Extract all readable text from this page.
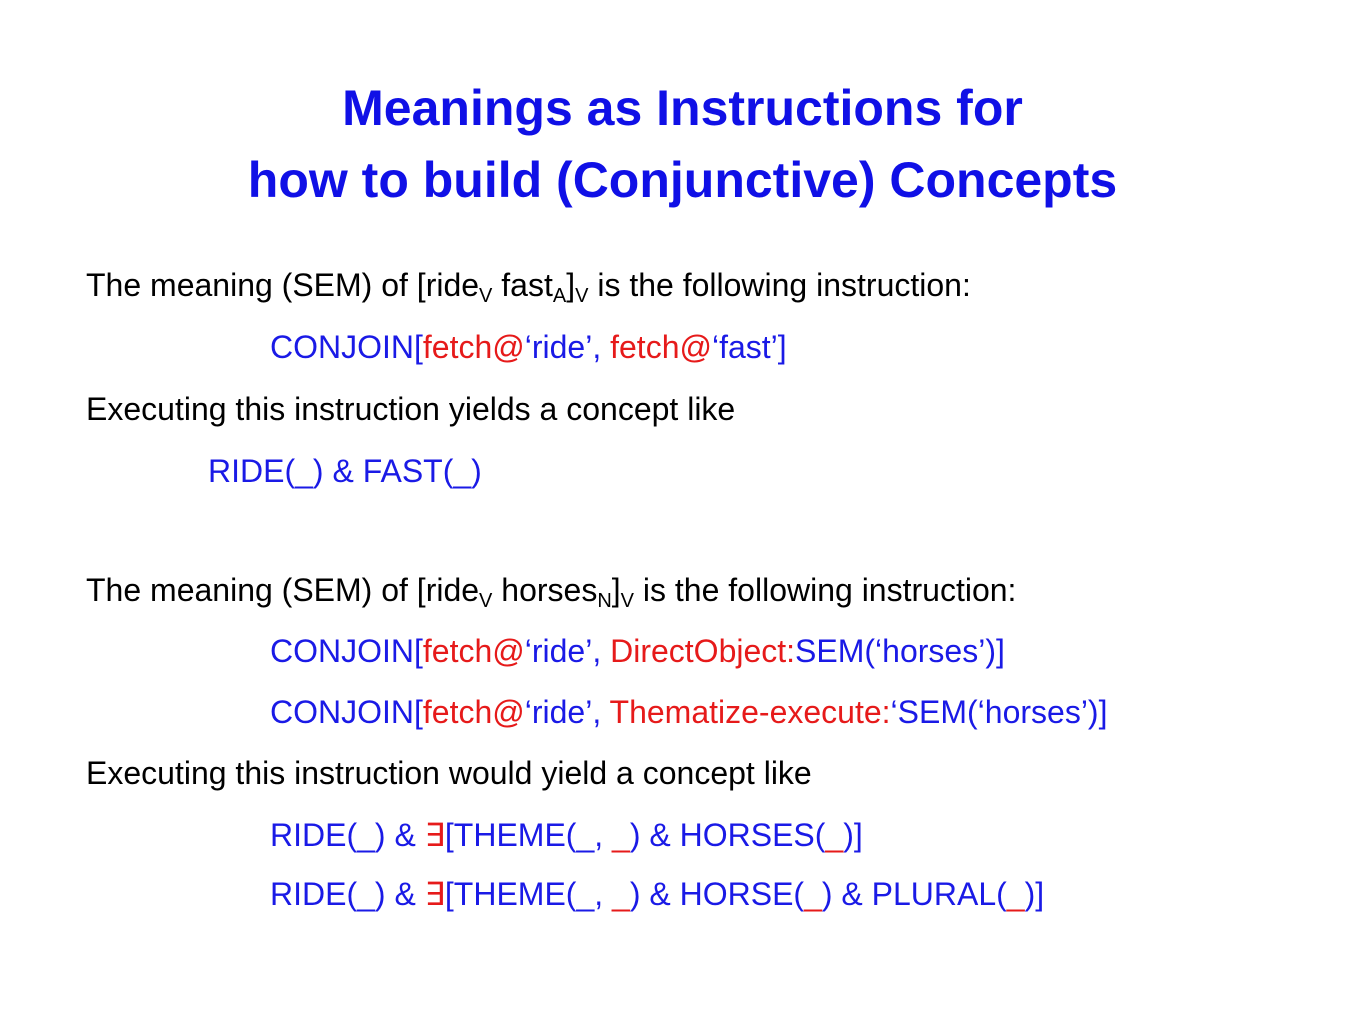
Meanings as Instructions for
how to build (Conjunctive) Concepts
The meaning (SEM) of [ride$_V$ $fast_A]_V$ is the following instruction:
CONJOIN[fetch@‘ride’, fetch@‘fast’]
Executing this instruction yields a concept like
RIDE(_) & FAST(_)
The meaning (SEM) of [ride$_V$ $horses_N]_V$ is the following instruction:
CONJOIN[fetch@‘ride’, DirectObject:SEM(‘horses’)]
CONJOIN[fetch@‘ride’, Thematize-execute:‘SEM(‘horses’)]
Executing this instruction would yield a concept like
RIDE(_) & ∃[THEME(_, _) & HORSES(_)]
RIDE(_) & ∃[THEME(_, _) & HORSE(_) & PLURAL(_)]
